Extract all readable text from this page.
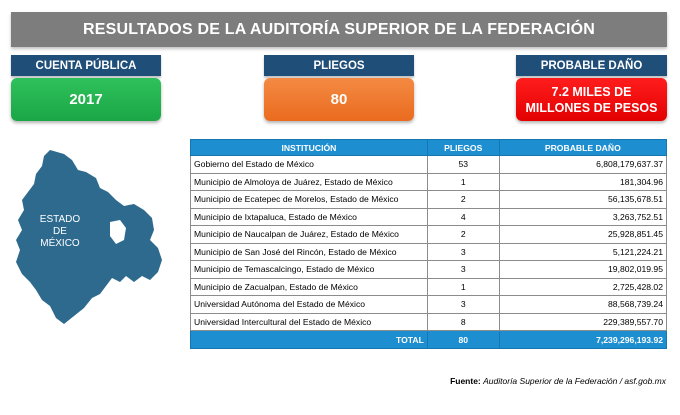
RESULTADOS DE LA AUDITORÍA SUPERIOR DE LA FEDERACIÓN
CUENTA PÚBLICA
2017
PLIEGOS
80
PROBABLE DAÑO
7.2 MILES DE
MILLONES DE PESOS
ESTADO
DE
MÉXICO
INSTITUCIÓN	PLIEGOS	PROBABLE DAÑO
Gobierno del Estado de México	53	6,808,179,637.37
Municipio de Almoloya de Juárez, Estado de México	1	181,304.96
Municipio de Ecatepec de Morelos, Estado de México	2	56,135,678.51
Municipio de Ixtapaluca, Estado de México	4	3,263,752.51
Municipio de Naucalpan de Juárez, Estado de México	2	25,928,851.45
Municipio de San José del Rincón, Estado de México	3	5,121,224.21
Municipio de Temascalcingo, Estado de México	3	19,802,019.95
Municipio de Zacualpan, Estado de México	1	2,725,428.02
Universidad Autónoma del Estado de México	3	88,568,739.24
Universidad Intercultural del Estado de México	8	229,389,557.70
TOTAL	80	7,239,296,193.92
Fuente: Auditoría Superior de la Federación / asf.gob.mx
